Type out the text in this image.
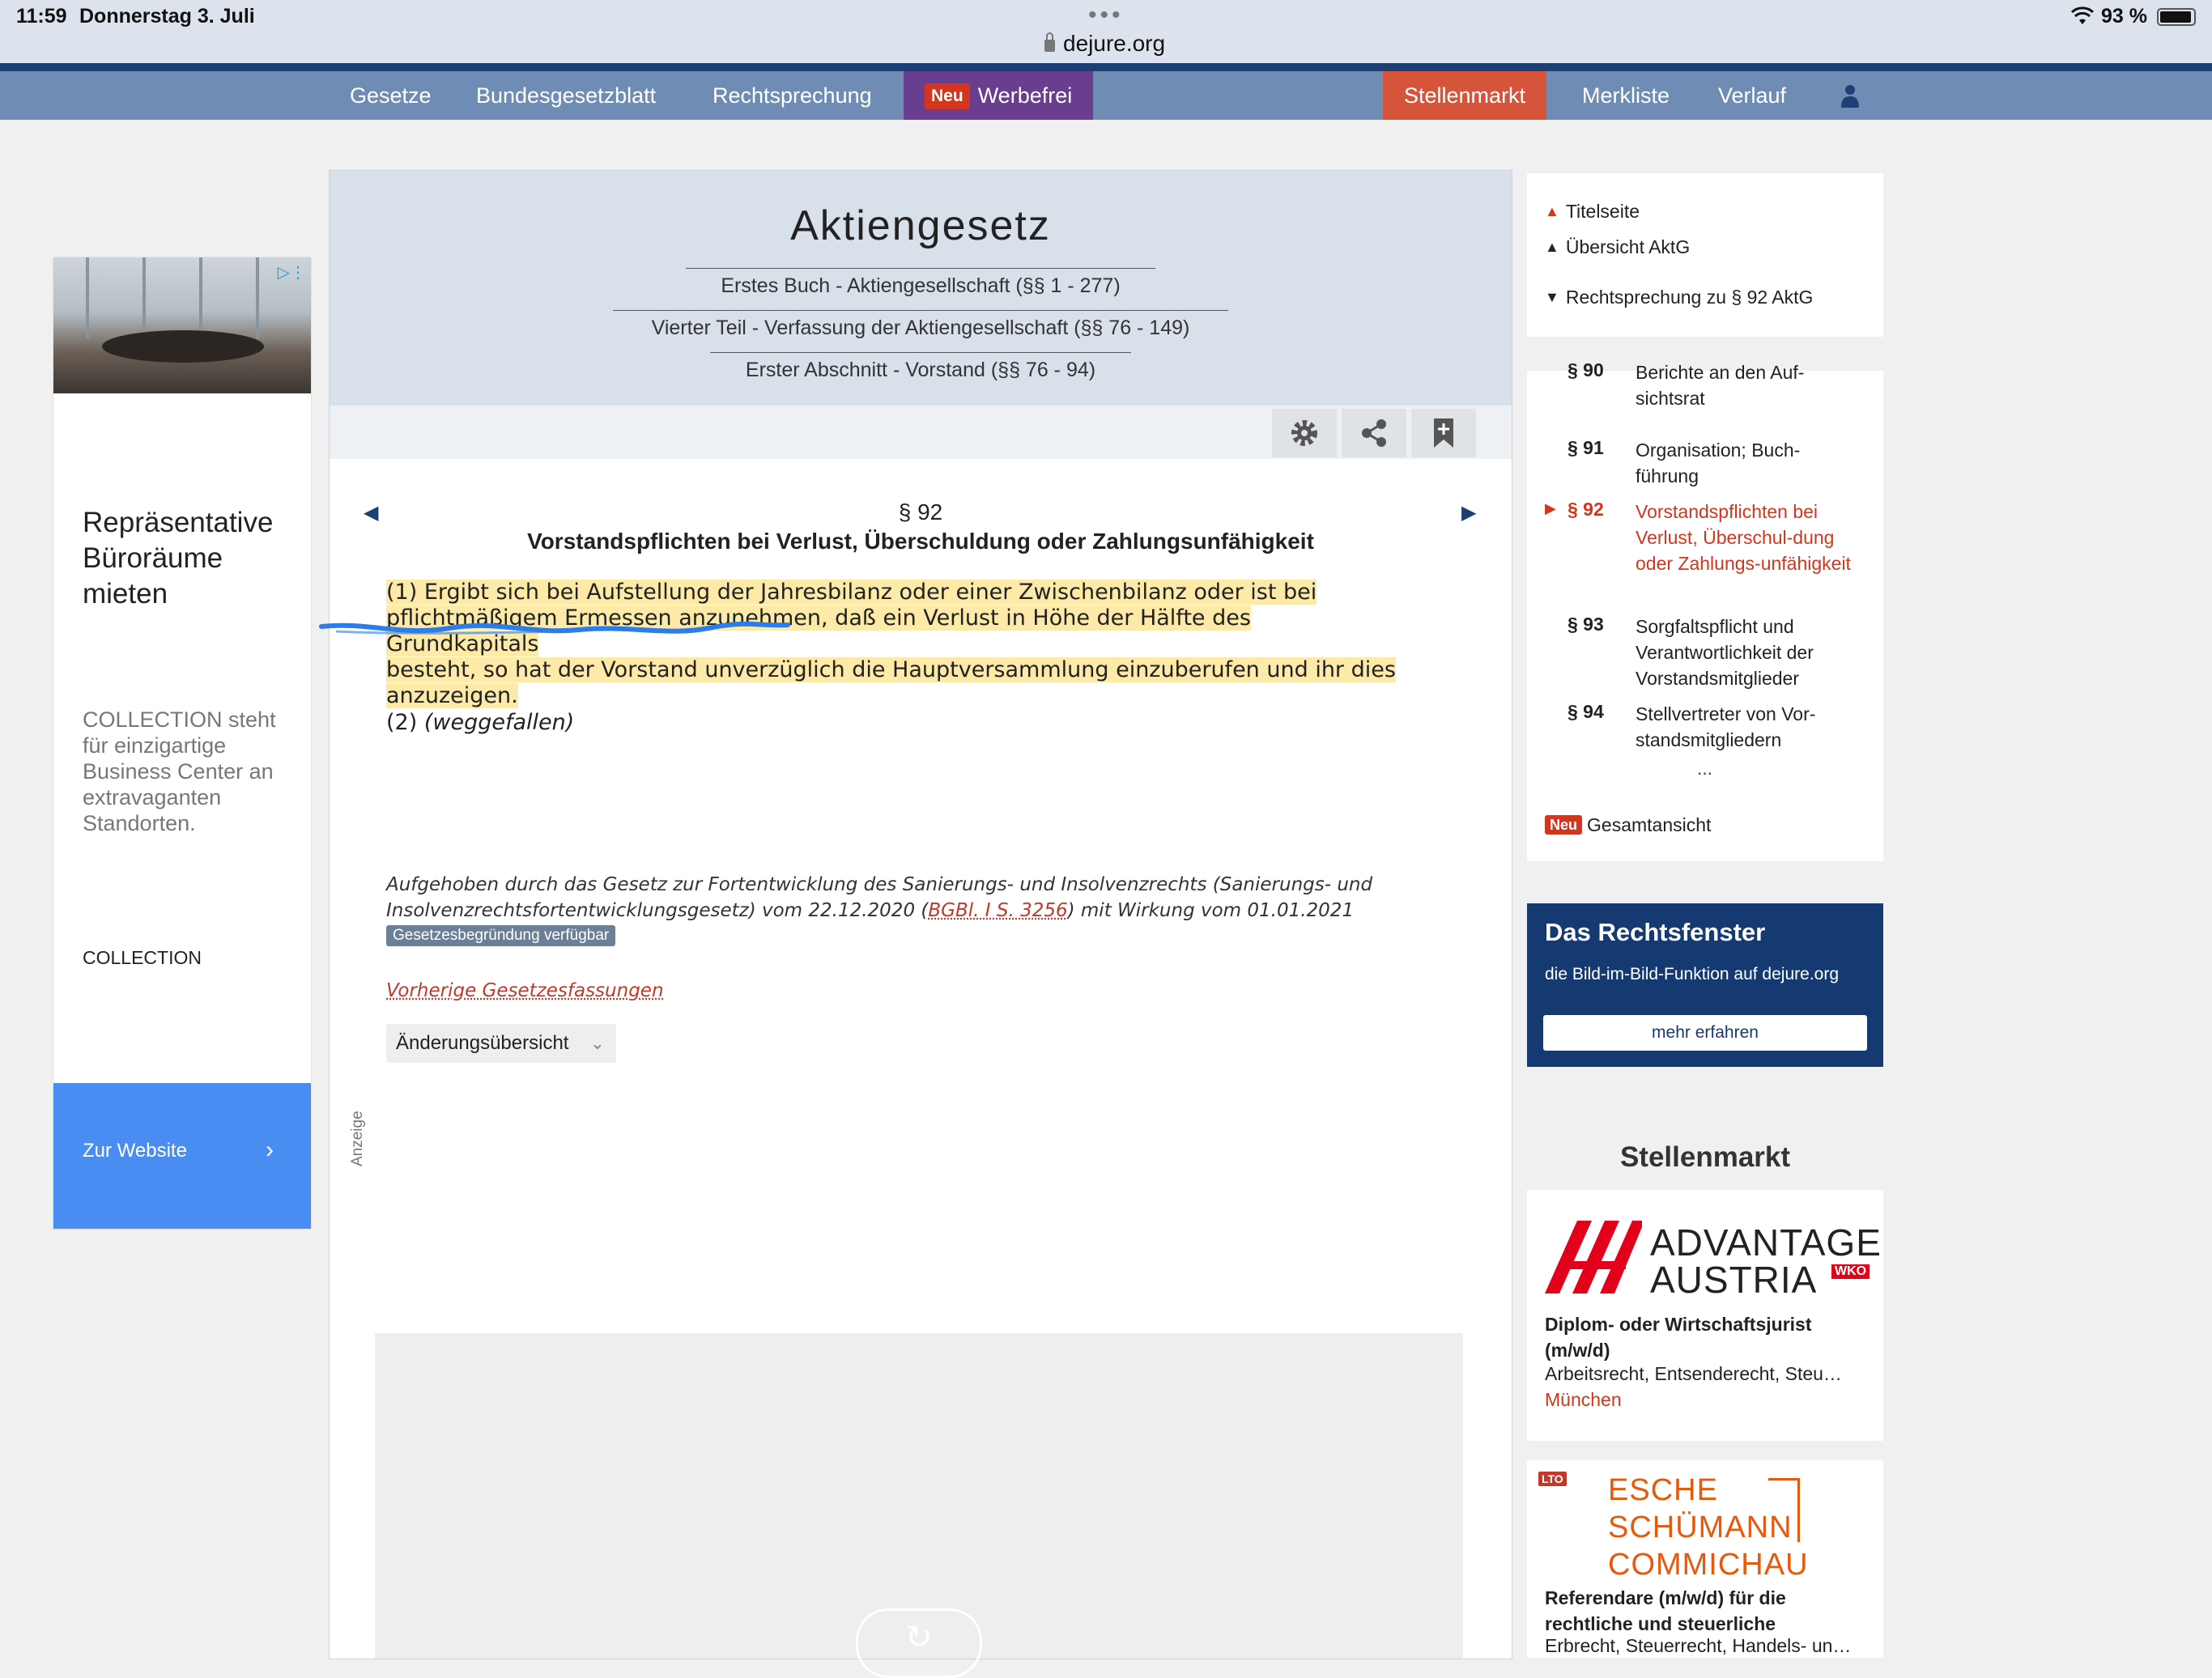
11:59 Donnerstag 3. Juli	•••
dejure.org
93 %
Gesetze	Bundesgesetzblatt	Rechtsprechung	Neu Werbefrei	Stellenmarkt	Merkliste	Verlauf
▷⋮
Repräsentative Büroräume mieten
COLLECTION steht für einzigartige Business Center an extravaganten Standorten.
COLLECTION
Zur Website	›
Aktiengesetz
Erstes Buch - Aktiengesellschaft (§§ 1 - 277)
Vierter Teil - Verfassung der Aktiengesellschaft (§§ 76 - 149)
Erster Abschnitt - Vorstand (§§ 76 - 94)
◀	▶
§ 92
Vorstandspflichten bei Verlust, Überschuldung oder Zahlungsunfähigkeit
(1) Ergibt sich bei Aufstellung der Jahresbilanz oder einer Zwischenbilanz oder ist bei
pflichtmäßigem Ermessen anzunehmen, daß ein Verlust in Höhe der Hälfte des Grundkapitals
besteht, so hat der Vorstand unverzüglich die Hauptversammlung einzuberufen und ihr dies
anzuzeigen.
(2) (weggefallen)
Aufgehoben durch das Gesetz zur Fortentwicklung des Sanierungs- und Insolvenzrechts (Sanierungs- und
Insolvenzrechtsfortentwicklungsgesetz) vom 22.12.2020 (BGBl. I S. 3256) mit Wirkung vom 01.01.2021
Gesetzesbegründung verfügbar
Vorherige Gesetzesfassungen
Änderungsübersicht ⌄
Anzeige
↻
▲ Titelseite
▲ Übersicht AktG
▼ Rechtsprechung zu § 92 AktG
§ 90 Berichte an den Auf-sichtsrat
§ 91 Organisation; Buch-führung
▶ § 92 Vorstandspflichten bei Verlust, Überschul-dung oder Zahlungs-unfähigkeit
§ 93 Sorgfaltspflicht und Verantwortlichkeit der Vorstandsmitglieder
§ 94 Stellvertreter von Vor-standsmitgliedern
...
Neu Gesamtansicht
Das Rechtsfenster
die Bild-im-Bild-Funktion auf dejure.org
mehr erfahren
Stellenmarkt
ADVANTAGE
AUSTRIA WKO
Diplom- oder Wirtschaftsjurist (m/w/d)
Arbeitsrecht, Entsenderecht, Steu…
München
LTO ESCHE
SCHÜMANN
COMMICHAU
Referendare (m/w/d) für die rechtliche und steuerliche
Erbrecht, Steuerrecht, Handels- un…
